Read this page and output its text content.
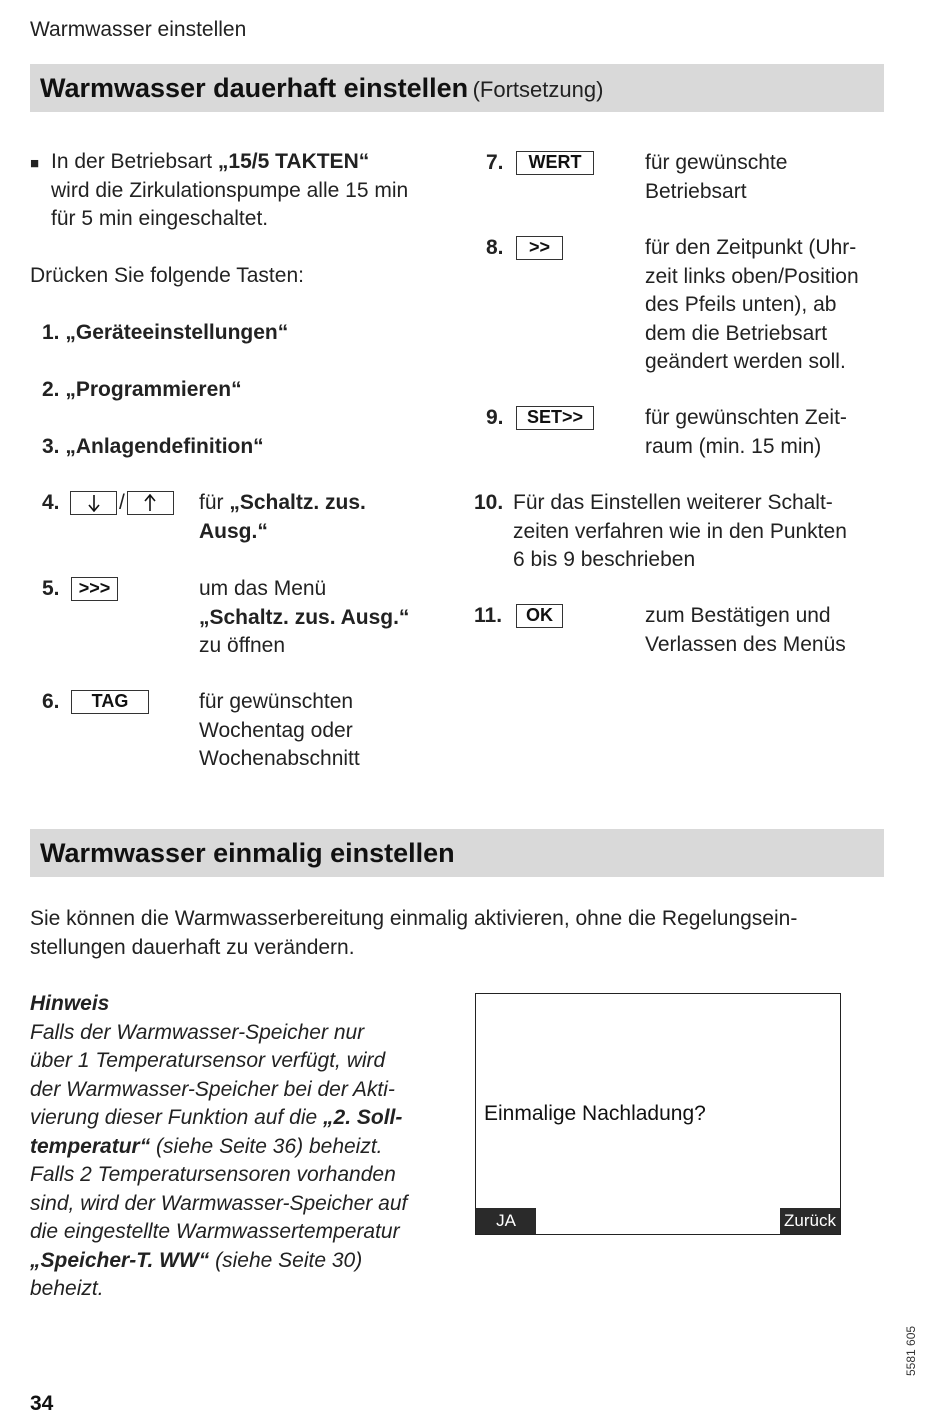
Warmwasser einstellen
Warmwasser dauerhaft einstellen (Fortsetzung)
■ In der Betriebsart „15/5 TAKTEN“
wird die Zirkulationspumpe alle 15 min
für 5 min eingeschaltet.
Drücken Sie folgende Tasten:
1. „Geräteeinstellungen“
2. „Programmieren“
3. „Anlagendefinition“
4.	/	für „Schaltz. zus.
Ausg.“
5.	>>>	um das Menü
„Schaltz. zus. Ausg.“
zu öffnen
6.	TAG	für gewünschten
Wochentag oder
Wochenabschnitt
7.	WERT	für gewünschte
Betriebsart
8.	>>	für den Zeitpunkt (Uhr-
zeit links oben/Position
des Pfeils unten), ab
dem die Betriebsart
geändert werden soll.
9.	SET>>	für gewünschten Zeit-
raum (min. 15 min)
10. Für das Einstellen weiterer Schalt-
zeiten verfahren wie in den Punkten
6 bis 9 beschrieben
11.	OK	zum Bestätigen und
Verlassen des Menüs
Warmwasser einmalig einstellen
Sie können die Warmwasserbereitung einmalig aktivieren, ohne die Regelungsein-
stellungen dauerhaft zu verändern.
Hinweis
Falls der Warmwasser-Speicher nur
über 1 Temperatursensor verfügt, wird
der Warmwasser-Speicher bei der Akti-
vierung dieser Funktion auf die „2. Soll-
temperatur“ (siehe Seite 36) beheizt.
Falls 2 Temperatursensoren vorhanden
sind, wird der Warmwasser-Speicher auf
die eingestellte Warmwassertemperatur
„Speicher-T. WW“ (siehe Seite 30)
beheizt.
Einmalige Nachladung?
JA	Zurück
5581 605
34
